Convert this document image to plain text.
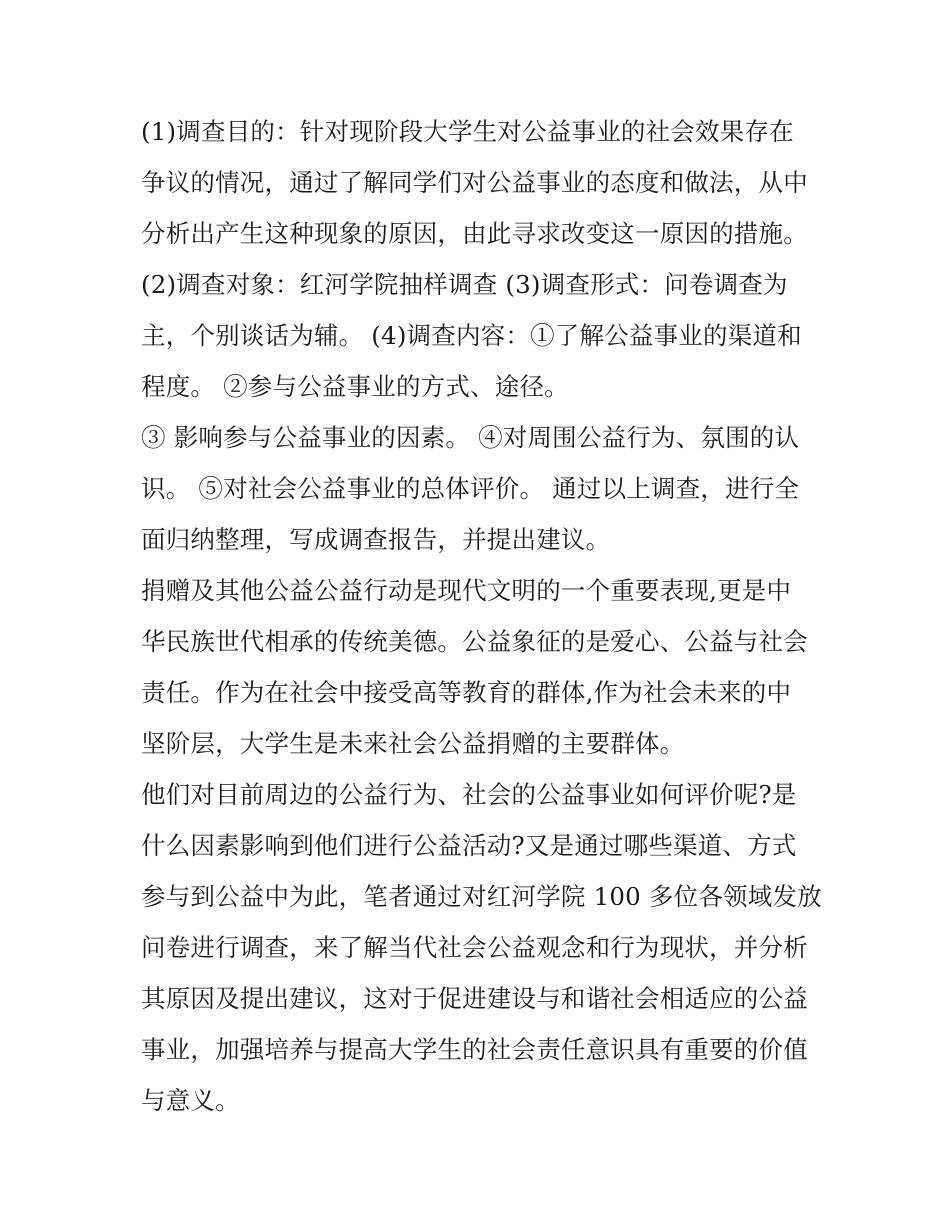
(1)调查目的：针对现阶段大学生对公益事业的社会效果存在
争议的情况，通过了解同学们对公益事业的态度和做法，从中
分析出产生这种现象的原因，由此寻求改变这一原因的措施。
(2)调查对象：红河学院抽样调查 (3)调查形式：问卷调查为
主，个别谈话为辅。 (4)调查内容：①了解公益事业的渠道和
程度。 ②参与公益事业的方式、途径。
③ 影响参与公益事业的因素。 ④对周围公益行为、氛围的认
识。 ⑤对社会公益事业的总体评价。 通过以上调查，进行全
面归纳整理，写成调查报告，并提出建议。
捐赠及其他公益公益行动是现代文明的一个重要表现,更是中
华民族世代相承的传统美德。公益象征的是爱心、公益与社会
责任。作为在社会中接受高等教育的群体,作为社会未来的中
坚阶层，大学生是未来社会公益捐赠的主要群体。
他们对目前周边的公益行为、社会的公益事业如何评价呢?是
什么因素影响到他们进行公益活动?又是通过哪些渠道、方式
参与到公益中为此，笔者通过对红河学院 100 多位各领域发放
问卷进行调查，来了解当代社会公益观念和行为现状，并分析
其原因及提出建议，这对于促进建设与和谐社会相适应的公益
事业，加强培养与提高大学生的社会责任意识具有重要的价值
与意义。
